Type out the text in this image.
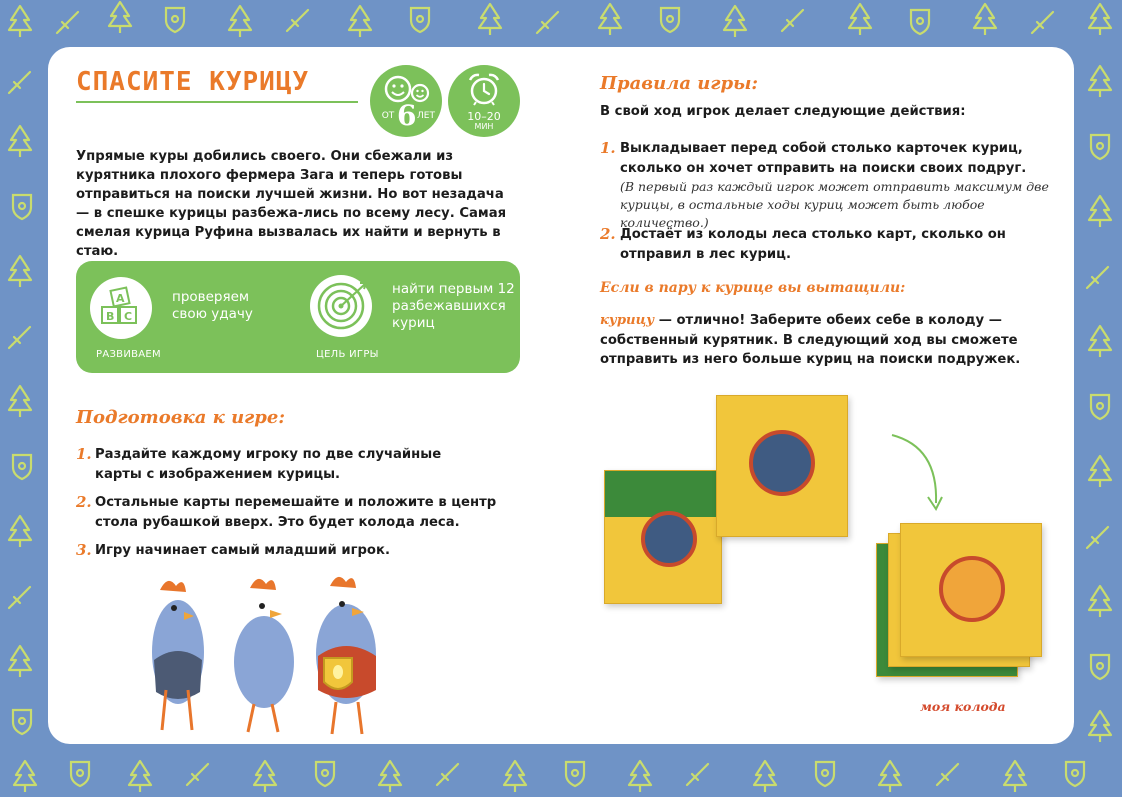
СПАСИТЕ КУРИЦУ
ОТ 6 ЛЕТ	10–20
МИН
Упрямые куры добились своего. Они сбежали из курятника плохого фермера Зага и теперь готовы отправиться на поиски лучшей жизни. Но вот незадача — в спешке курицы разбежа-лись по всему лесу. Самая смелая курица Руфина вызвалась их найти и вернуть в стаю.
A
B C
проверяем свою удачу
РАЗВИВАЕМ
найти первым 12 разбежавшихся куриц
ЦЕЛЬ ИГРЫ
Подготовка к игре:
1. Раздайте каждому игроку по две случайные карты с изображением курицы.
2. Остальные карты перемешайте и положите в центр стола рубашкой вверх. Это будет колода леса.
3. Игру начинает самый младший игрок.
Правила игры:
В свой ход игрок делает следующие действия:
1. Выкладывает перед собой столько карточек куриц, сколько он хочет отправить на поиски своих подруг.
(В первый раз каждый игрок может отправить максимум две курицы, в остальные ходы куриц может быть любое количество.)
2. Достаёт из колоды леса столько карт, сколько он отправил в лес куриц.
Если в пару к курице вы вытащили:
курицу — отлично! Заберите обеих себе в колоду — собственный курятник. В следующий ход вы сможете отправить из него больше куриц на поиски подружек.
моя колода
